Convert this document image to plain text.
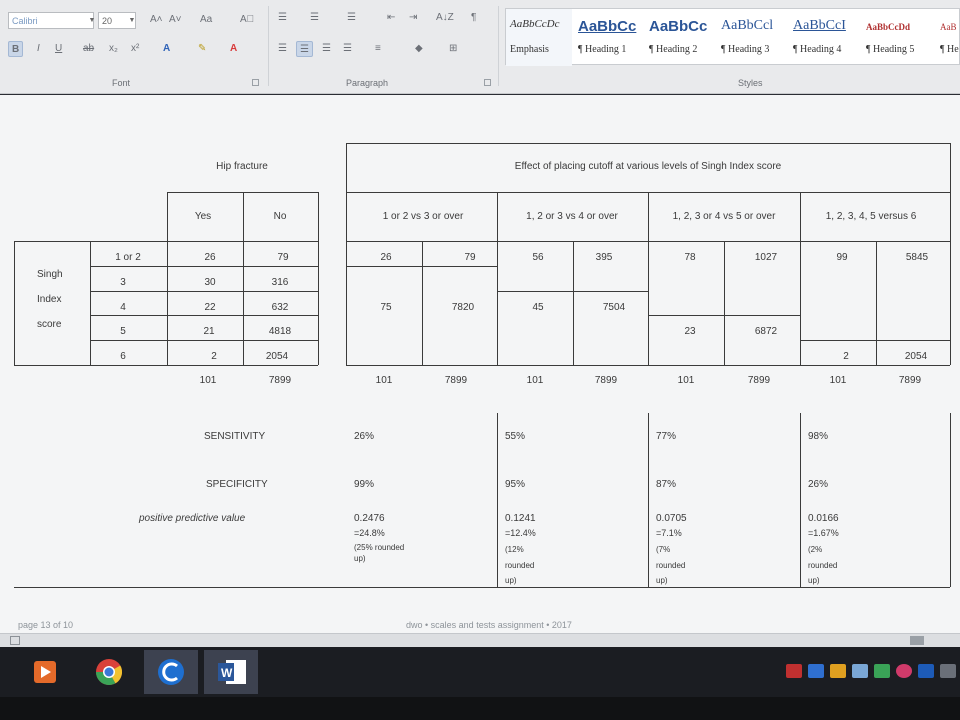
Calibri	▼ 20	▼	A˄ A˅	Aa	A⃥
B	I	U	ab	x₂	x²	A	✎	A
☰	☰	☰	⇤	⇥	A↓Z	¶
☰	☰	☰	☰	≡	◆	⊞
AaBbCcDc
Emphasis
AaBbCc
¶ Heading 1
AaBbCc
¶ Heading 2
AaBbCcl
¶ Heading 3
AaBbCcI
¶ Heading 4
AaBbCcDd
¶ Heading 5
AaB
¶ He
Font	Paragraph	Styles
Hip fracture	Effect of placing cutoff at various levels of Singh Index score
Yes	No	1 or 2 vs 3 or over	1, 2 or 3 vs 4 or over	1, 2, 3 or 4 vs 5 or over	1, 2, 3, 4, 5 versus 6
Singh
Index
score
1 or 2	26	79
3	30	316
4	22	632
5	21	4818
6	2	2054
101	7899	101	7899	101	7899	101	7899	101	7899
26	79
75	7820
56	395
45	7504
78	1027
23	6872
99	5845
2	2054
SENSITIVITY
SPECIFICITY
positive predictive value
26%	55%	77%	98%
99%	95%	87%	26%
0.2476	0.1241	0.0705	0.0166
=24.8%	=12.4%	=7.1%	=1.67%
(25% rounded	(12%	(7%	(2%
up)
rounded	rounded	rounded
up)	up)	up)
page 13 of 10	dwo • scales and tests assignment • 2017
W
